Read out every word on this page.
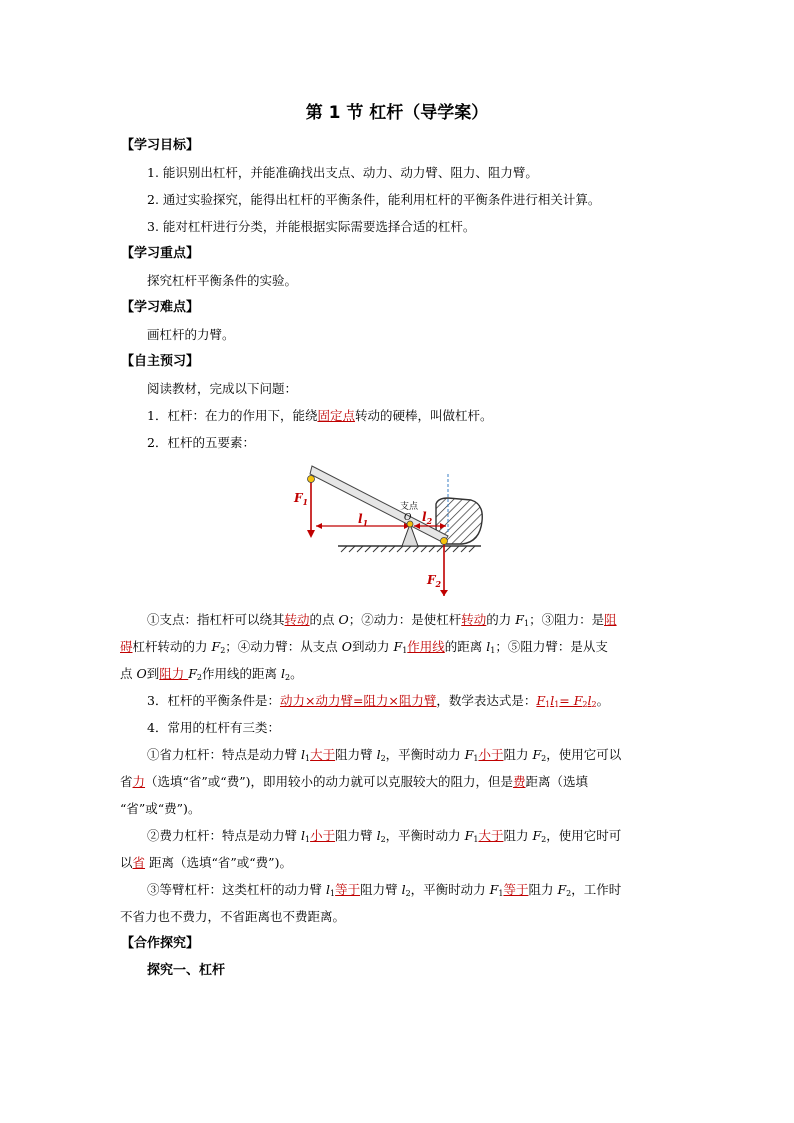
第 1 节 杠杆（导学案）
【学习目标】
1. 能识别出杠杆，并能准确找出支点、动力、动力臂、阻力、阻力臂。
2. 通过实验探究，能得出杠杆的平衡条件，能利用杠杆的平衡条件进行相关计算。
3. 能对杠杆进行分类，并能根据实际需要选择合适的杠杆。
【学习重点】
探究杠杆平衡条件的实验。
【学习难点】
画杠杆的力臂。
【自主预习】
阅读教材，完成以下问题：
1．杠杆：在力的作用下，能绕固定点转动的硬棒，叫做杠杆。
2．杠杆的五要素：
$F_1$
$l_1$	$l_2$
支点
O
$F_2$
①支点：指杠杆可以绕其转动的点 O；②动力：是使杠杆转动的力 $F_1$；③阻力：是阻
碍杠杆转动的力 $F_2$；④动力臂：从支点 O到动力 $F_1$作用线的距离 $l_1$；⑤阻力臂：是从支
点 O到阻力 $F_2$作用线的距离 $l_2$。
3．杠杆的平衡条件是：动力×动力臂=阻力×阻力臂，数学表达式是：$F_1l_1= F_2l_2$。
4．常用的杠杆有三类：
①省力杠杆：特点是动力臂 $l_1$大于阻力臂 $l_2$，平衡时动力 $F_1$小于阻力 $F_2$，使用它可以
省力（选填“省”或“费”)，即用较小的动力就可以克服较大的阻力，但是费距离（选填
“省”或“费”)。
②费力杠杆：特点是动力臂 $l_1$小于阻力臂 $l_2$，平衡时动力 $F_1$大于阻力 $F_2$，使用它时可
以省 距离（选填“省”或“费”)。
③等臂杠杆：这类杠杆的动力臂 $l_1$等于阻力臂 $l_2$，平衡时动力 $F_1$等于阻力 $F_2$，工作时
不省力也不费力，不省距离也不费距离。
【合作探究】
探究一、杠杆
